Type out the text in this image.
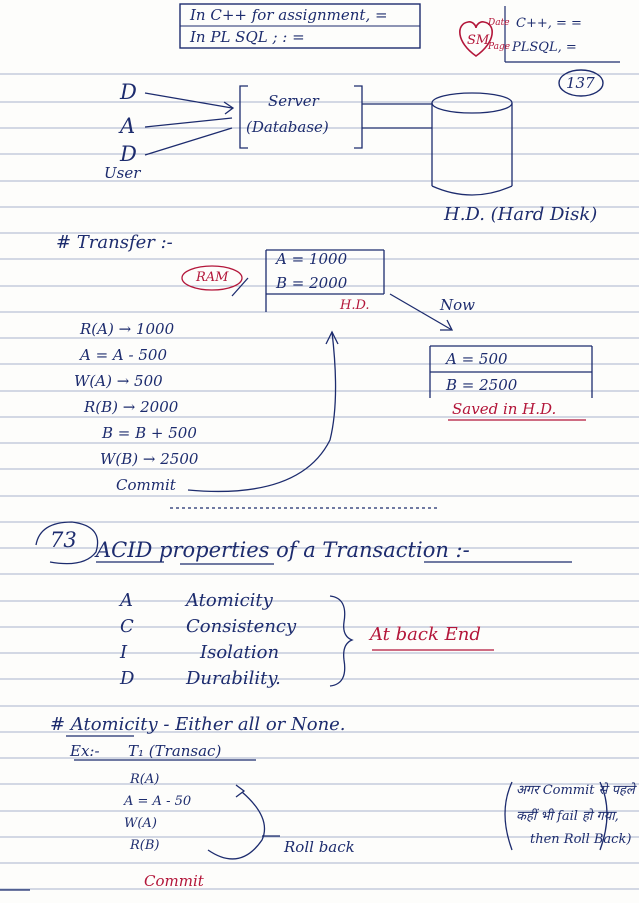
In C++ for assignment, =
In PL SQL ; : =
C++, = =
PLSQL, =
SM
Date
Page
137
D
A
D
User
Server
(Database)
H.D. (Hard Disk)
# Transfer :-
RAM
A = 1000
B = 2000
H.D.
R(A) → 1000
A = A - 500
W(A) → 500
R(B) → 2000
B = B + 500
W(B) → 2500
Commit
Now
A = 500
B = 2500
Saved in H.D.
73 ACID properties of a Transaction :-
A	Atomicity
C	Consistency
I	Isolation
D	Durability.
At back End
# Atomicity - Either all or None.
Ex:- T₁ (Transac)
R(A)
A = A - 50
W(A)
R(B)	Roll back
Commit
अगर Commit से पहले
कहीं भी fail हो गया,
then Roll Back)
